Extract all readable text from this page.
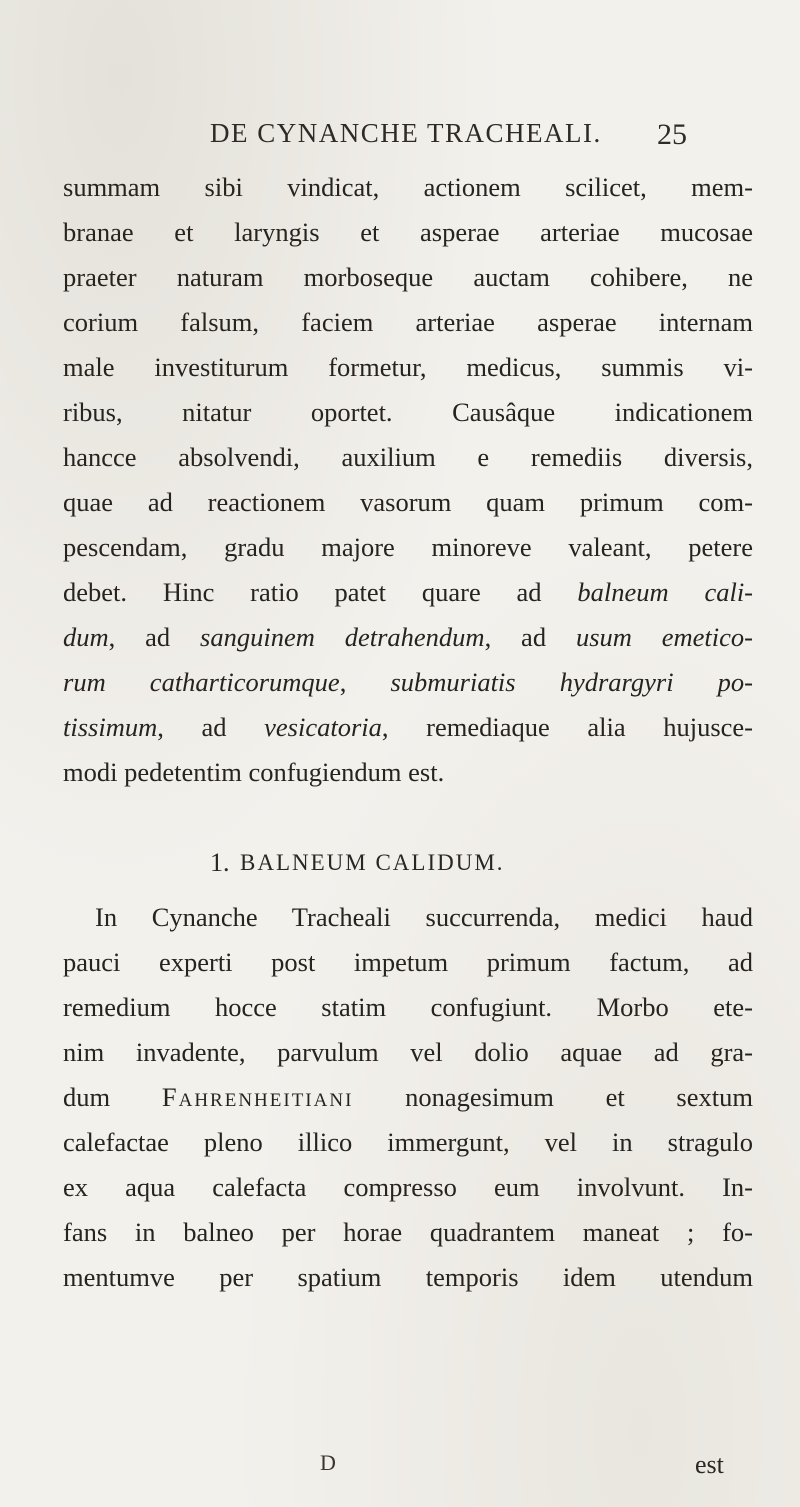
DE CYNANCHE TRACHEALI. 25
summam sibi vindicat, actionem scilicet, mem-
branae et laryngis et asperae arteriae mucosae
praeter naturam morboseque auctam cohibere, ne
corium falsum, faciem arteriae asperae internam
male investiturum formetur, medicus, summis vi-
ribus, nitatur oportet. Causâque indicationem
hancce absolvendi, auxilium e remediis diversis,
quae ad reactionem vasorum quam primum com-
pescendam, gradu majore minoreve valeant, petere
debet. Hinc ratio patet quare ad balneum cali-
dum, ad sanguinem detrahendum, ad usum emetico-
rum catharticorumque, submuriatis hydrargyri po-
tissimum, ad vesicatoria, remediaque alia hujusce-
modi pedetentim confugiendum est.
1. BALNEUM CALIDUM.
In Cynanche Tracheali succurrenda, medici haud
pauci experti post impetum primum factum, ad
remedium hocce statim confugiunt. Morbo ete-
nim invadente, parvulum vel dolio aquae ad gra-
dum Fahrenheitiani nonagesimum et sextum
calefactae pleno illico immergunt, vel in stragulo
ex aqua calefacta compresso eum involvunt. In-
fans in balneo per horae quadrantem maneat ; fo-
mentumve per spatium temporis idem utendum
D	est
